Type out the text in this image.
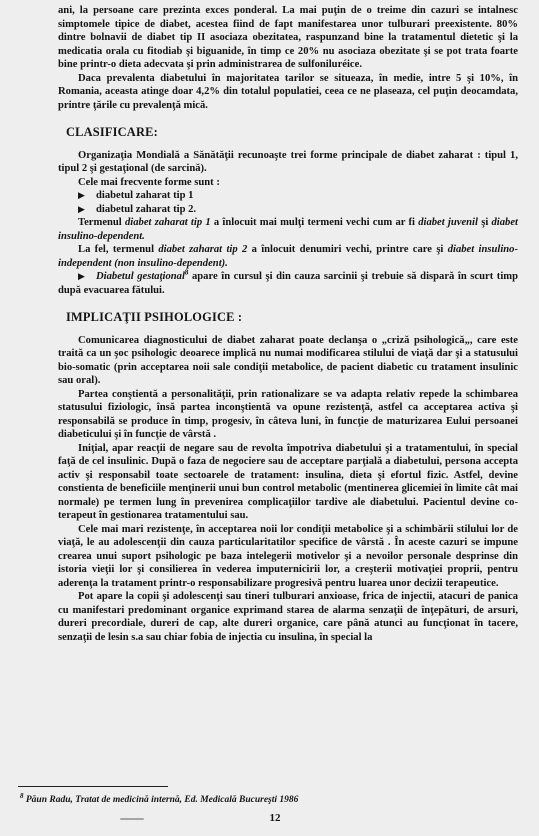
ani, la persoane care prezinta exces ponderal. La mai puţin de o treime din cazuri se intalnesc simptomele tipice de diabet, acestea fiind de fapt manifestarea unor tulburari preexistente. 80% dintre bolnavii de diabet tip II asociaza obezitatea, raspunzand bine la tratamentul dietetic şi la medicatia orala cu fitodiab şi biguanide, în timp ce 20% nu asociaza obezitate şi se pot trata foarte bine printr-o dieta adecvata şi prin administrarea de sulfoniluréice.

Daca prevalenta diabetului în majoritatea tarilor se situeaza, în medie, intre 5 şi 10%, în Romania, aceasta atinge doar 4,2% din totalul populatiei, ceea ce ne plaseaza, cel puţin deocamdata, printre ţările cu prevalenţă mică.

CLASIFICARE:

Organizaţia Mondială a Sănătăţii recunoaşte trei forme principale de diabet zaharat : tipul 1, tipul 2 şi gestaţional (de sarcină).

Cele mai frecvente forme sunt :

▶ diabetul zaharat tip 1

▶ diabetul zaharat tip 2.

Termenul diabet zaharat tip 1 a înlocuit mai mulţi termeni vechi cum ar fi diabet juvenil şi diabet insulino-dependent.

La fel, termenul diabet zaharat tip 2 a înlocuit denumiri vechi, printre care şi diabet insulino-independent (non insulino-dependent).

▶ Diabetul gestaţional$^8$ apare în cursul şi din cauza sarcinii şi trebuie să dispară în scurt timp după evacuarea fătului.

IMPLICAŢII PSIHOLOGICE :

Comunicarea diagnosticului de diabet zaharat poate declanşa o „criză psihologică„, care este traită ca un şoc psihologic deoarece implică nu numai modificarea stilului de viaţă dar şi a statusului bio-somatic (prin acceptarea noii sale condiţii metabolice, de pacient diabetic cu tratament insulinic sau oral).

Partea conştientă a personalităţii, prin rationalizare se va adapta relativ repede la schimbarea statusului fiziologic, însă partea inconştientă va opune rezistenţă, astfel ca acceptarea activa şi responsabilă se produce în timp, progesiv, în câteva luni, în funcţie de maturizarea Eului persoanei diabeticului şi în funcţie de vârstă .

Iniţial, apar reacţii de negare sau de revolta împotriva diabetului şi a tratamentului, în special faţă de cel insulinic. După o faza de negociere sau de acceptare parţială a diabetului, persona accepta activ şi responsabil toate sectoarele de tratament: insulina, dieta şi efortul fizic. Astfel, devine constienta de beneficiile menţinerii unui bun control metabolic (mentinerea glicemiei în limite cât mai normale) pe termen lung în prevenirea complicaţiilor tardive ale diabetului. Pacientul devine co-terapeut în gestionarea tratamentului sau.

Cele mai mari rezistenţe, în acceptarea noii lor condiţii metabolice şi a schimbării stilului lor de viaţă, le au adolescenţii din cauza particularitatilor specifice de vârstă . În aceste cazuri se impune crearea unui suport psihologic pe baza intelegerii motivelor şi a nevoilor personale desprinse din istoria vieţii lor şi consilierea în vederea imputernicirii lor, a creşterii motivaţiei proprii, pentru aderenţa la tratament printr-o responsabilizare progresivă pentru luarea unor decizii terapeutice.

Pot apare la copii şi adolescenţi sau tineri tulburari anxioase, frica de injectii, atacuri de panica cu manifestari predominant organice exprimand starea de alarma senzaţii de înţepături, de arsuri, dureri precordiale, dureri de cap, alte dureri organice, care până atunci au funcţionat în tacere, senzaţii de lesin s.a sau chiar fobia de injectia cu insulina, în special la

$^8$ Păun Radu, Tratat de medicină internă, Ed. Medicală Bucureşti 1986
12
